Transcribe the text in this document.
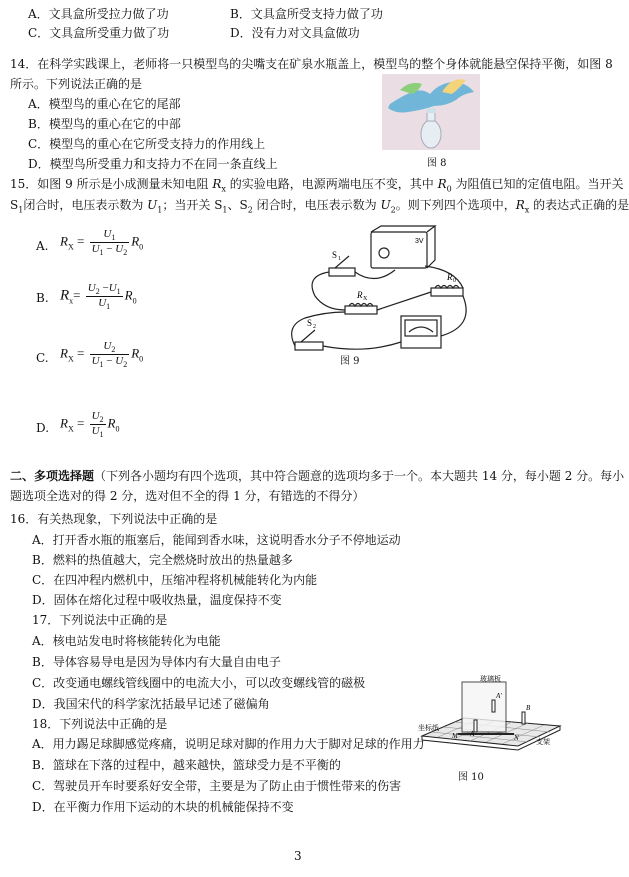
A．文具盒所受拉力做了功	B．文具盒所受支持力做了功
C．文具盒所受重力做了功	D．没有力对文具盒做功
14．在科学实践课上，老师将一只模型鸟的尖嘴支在矿泉水瓶盖上，模型鸟的整个身体就能悬空保持平衡，如图 8
所示。下列说法正确的是
A．模型鸟的重心在它的尾部
B．模型鸟的重心在它的中部
C．模型鸟的重心在它所受支持力的作用线上
D．模型鸟所受重力和支持力不在同一条直线上	图 8
15．如图 9 所示是小成测量未知电阻 $R_x$ 的实验电路，电源两端电压不变，其中 $R_0$ 为阻值已知的定值电阻。当开关
$S_1$闭合时，电压表示数为 $U_1$；当开关 $S_1$、$S_2$ 闭合时，电压表示数为 $U_2$。则下列四个选项中，$R_x$ 的表达式正确的是
A. $R_X = \frac{U_1}{U_1 - U_2} R_0$
B. $R_x= \frac{U_2 -U_1}{U_1} R_0$
C. $R_X = \frac{U_2}{U_1 - U_2} R_0$
D. $R_X = \frac{U_2}{U_1} R_0$
S 1
R 0
R X
S 2
3V
图 9
二、多项选择题（下列各小题均有四个选项，其中符合题意的选项均多于一个。本大题共 14 分，每小题 2 分。每小
题选项全选对的得 2 分，选对但不全的得 1 分，有错选的不得分）
16．有关热现象，下列说法中正确的是
A．打开香水瓶的瓶塞后，能闻到香水味，这说明香水分子不停地运动
B．燃料的热值越大，完全燃烧时放出的热量越多
C．在四冲程内燃机中，压缩冲程将机械能转化为内能
D．固体在熔化过程中吸收热量，温度保持不变
17．下列说法中正确的是
A．核电站发电时将核能转化为电能
B．导体容易导电是因为导体内有大量自由电子
C．改变通电螺线管线圈中的电流大小，可以改变螺线管的磁极
D．我国宋代的科学家沈括最早记述了磁偏角
18．下列说法中正确的是
A．用力踢足球脚感觉疼痛，说明足球对脚的作用力大于脚对足球的作用力
B．篮球在下落的过程中，越来越快，篮球受力是不平衡的
C．驾驶员开车时要系好安全带，主要是为了防止由于惯性带来的伤害
D．在平衡力作用下运动的木块的机械能保持不变
玻璃板
坐标纸
支架
A
A'
B
M	N
图 10
3
